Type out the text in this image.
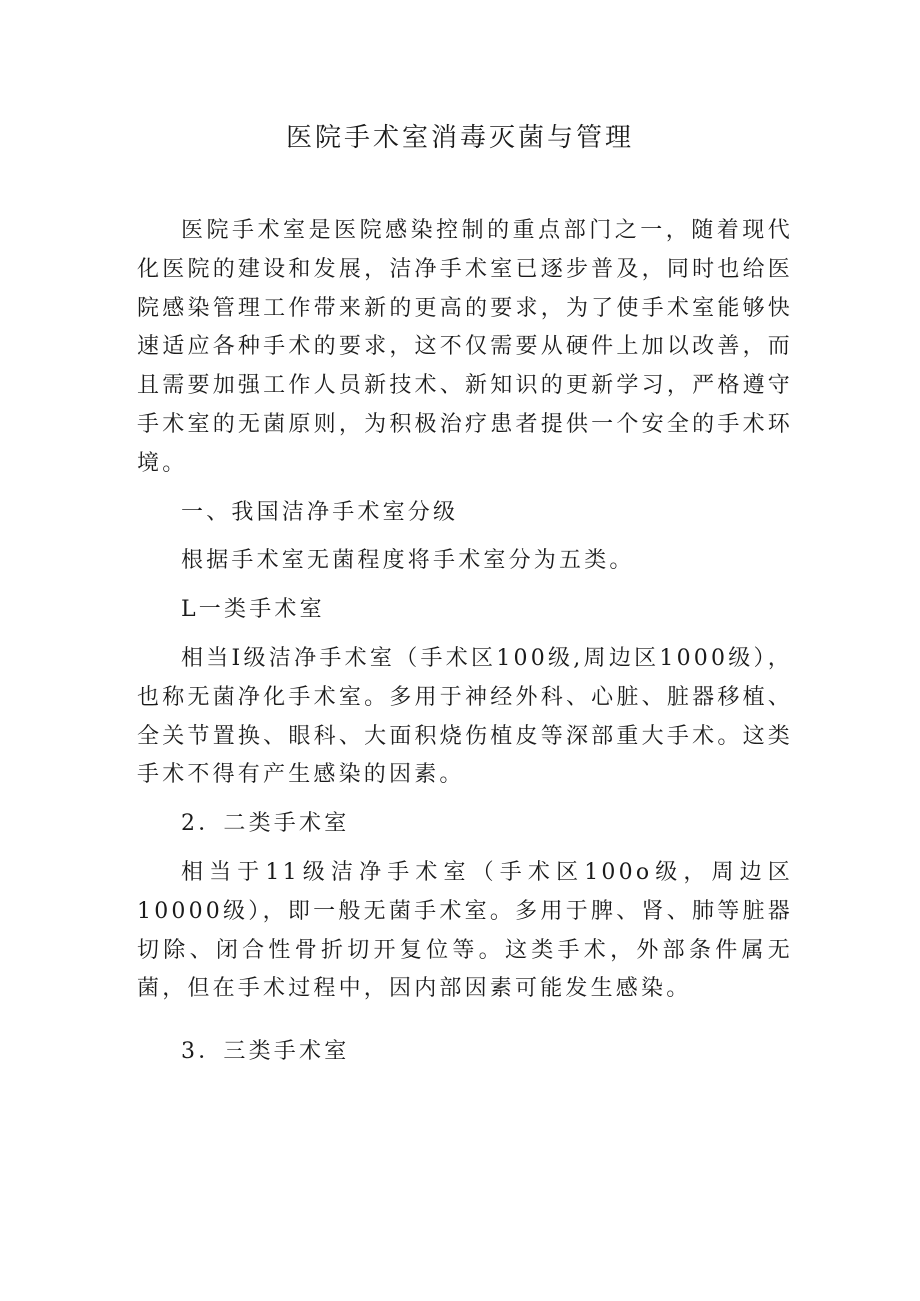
医院手术室消毒灭菌与管理

医院手术室是医院感染控制的重点部门之一，随着现代化医院的建设和发展，洁净手术室已逐步普及，同时也给医院感染管理工作带来新的更高的要求，为了使手术室能够快速适应各种手术的要求，这不仅需要从硬件上加以改善，而且需要加强工作人员新技术、新知识的更新学习，严格遵守手术室的无菌原则，为积极治疗患者提供一个安全的手术环境。

一、我国洁净手术室分级

根据手术室无菌程度将手术室分为五类。

L一类手术室

相当Ⅰ级洁净手术室（手术区100级,周边区1000级），也称无菌净化手术室。多用于神经外科、心脏、脏器移植、全关节置换、眼科、大面积烧伤植皮等深部重大手术。这类手术不得有产生感染的因素。

2．二类手术室

相当于11级洁净手术室（手术区100o级，周边区10000级），即一般无菌手术室。多用于脾、肾、肺等脏器切除、闭合性骨折切开复位等。这类手术，外部条件属无菌，但在手术过程中，因内部因素可能发生感染。

3．三类手术室
